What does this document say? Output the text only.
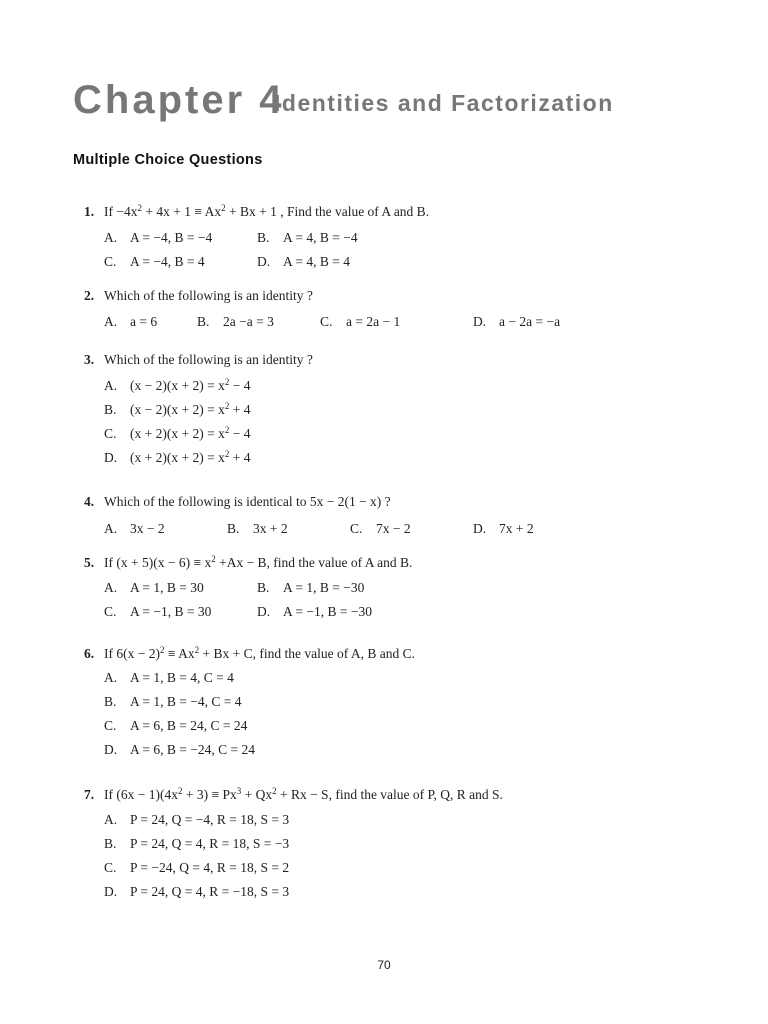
Chapter 4
Identities and Factorization
Multiple Choice Questions
1. $If -4x^2 + 4x + 1 \equiv Ax^2 + Bx + 1$ , Find the value of A and B.
A. A = −4, B = −4	B. A = 4, B = −4
C. A = −4, B = 4	D. A = 4, B = 4
2. Which of the following is an identity ?
A. a = 6	B. 2a −a = 3	C. a = 2a − 1	D. a − 2a = −a
3. Which of the following is an identity ?
A. $(x - 2)(x + 2) = x^2 - 4$
B. $(x - 2)(x + 2) = x^2 + 4$
C. $(x + 2)(x + 2) = x^2 - 4$
D. $(x + 2)(x + 2) = x^2 + 4$
4. Which of the following is identical to 5x − 2(1 − x) ?
A. 3x − 2	B. 3x + 2	C. 7x − 2	D. 7x + 2
5. If $(x + 5)(x - 6) \equiv x^2 +Ax - B$, find the value of A and B.
A. A = 1, B = 30	B. A = 1, B = −30
C. A = −1, B = 30	D. A = −1, B = −30
6. If $6(x - 2)^2 \equiv Ax^2 + Bx + C$, find the value of A, B and C.
A. A = 1, B = 4, C = 4
B. A = 1, B = −4, C = 4
C. A = 6, B = 24, C = 24
D. A = 6, B = −24, C = 24
7. If $(6x - 1)(4x^2 + 3) \equiv Px^3 + Qx^2 + Rx - S$, find the value of P, Q, R and S.
A. P = 24, Q = −4, R = 18, S = 3
B. P = 24, Q = 4, R = 18, S = −3
C. P = −24, Q = 4, R = 18, S = 2
D. P = 24, Q = 4, R = −18, S = 3
70
